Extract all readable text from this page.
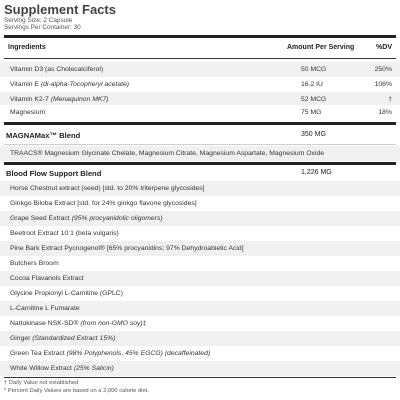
Supplement Facts
Serving Size: 2 Capsule
Servings Per Container: 30
Ingredients	Amount Per Serving	%DV
Vitamin D3 (as Cholecalciferol)	50 MCG	250%
Vitamin E (dl-alpha-Tocopheryl acetate)	16.2 IU	108%
Vitamin K2-7 (Menaquinon MK7)	52 MCG	†
Magnesium	75 MG	18%
MAGNAMax™ Blend	350 MG
TRAACS® Magnesium Glycinate Chelate, Magnesium Citrate, Magnesium Aspartate, Magnesium Oxide
Blood Flow Support Blend	1,226 MG
Horse Chestnut extract (seed) [std. to 20% triterpene glycosides]
Ginkgo Biloba Extract [std. for 24% ginkgo flavone glycosides]
Grape Seed Extract (95% procyanidolic oligomers)
Beetroot Extract 10:1 (beta vulgaris)
Pine Bark Extract Pycnogenol® [65% procyanidins; 97% Dehydroabietic Acid]
Butchers Broom
Cocoa Flavanols Extract
Glycine Propionyl L-Carnitine (GPLC)
L-Carnitine L Fumarate
Nattokinase NSK-SD® (from non-GMO soy)‡
Ginger (Standardized Extract 15%)
Green Tea Extract (98% Polyphenols, 45% EGCG) (decaffeinated)
White Willow Extract (25% Salicin)
† Daily Value not established
* Percent Daily Values are based on a 2,000 calorie diet.
